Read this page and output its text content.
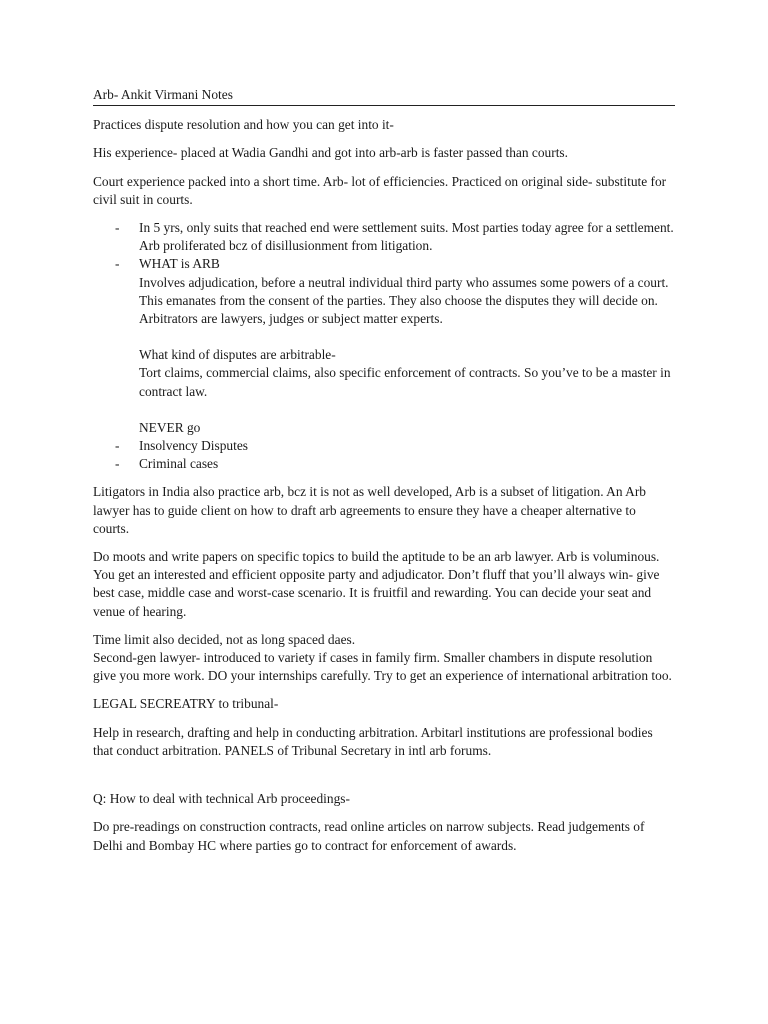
Arb- Ankit Virmani Notes

Practices dispute resolution and how you can get into it-

His experience- placed at Wadia Gandhi and got into arb-arb is faster passed than courts.

Court experience packed into a short time. Arb- lot of efficiencies. Practiced on original side- substitute for civil suit in courts.

- In 5 yrs, only suits that reached end were settlement suits. Most parties today agree for a settlement. Arb proliferated bcz of disillusionment from litigation.
- WHAT is ARB
Involves adjudication, before a neutral individual third party who assumes some powers of a court. This emanates from the consent of the parties. They also choose the disputes they will decide on. Arbitrators are lawyers, judges or subject matter experts.
What kind of disputes are arbitrable-
Tort claims, commercial claims, also specific enforcement of contracts. So you’ve to be a master in contract law.
NEVER go
- Insolvency Disputes
- Criminal cases

Litigators in India also practice arb, bcz it is not as well developed, Arb is a subset of litigation. An Arb lawyer has to guide client on how to draft arb agreements to ensure they have a cheaper alternative to courts.

Do moots and write papers on specific topics to build the aptitude to be an arb lawyer. Arb is voluminous. You get an interested and efficient opposite party and adjudicator. Don’t fluff that you’ll always win- give best case, middle case and worst-case scenario. It is fruitfil and rewarding. You can decide your seat and venue of hearing.

Time limit also decided, not as long spaced daes.
Second-gen lawyer- introduced to variety if cases in family firm. Smaller chambers in dispute resolution give you more work. DO your internships carefully. Try to get an experience of international arbitration too.

LEGAL SECREATRY to tribunal-

Help in research, drafting and help in conducting arbitration. Arbitarl institutions are professional bodies that conduct arbitration. PANELS of Tribunal Secretary in intl arb forums.

Q: How to deal with technical Arb proceedings-

Do pre-readings on construction contracts, read online articles on narrow subjects. Read judgements of Delhi and Bombay HC where parties go to contract for enforcement of awards.
